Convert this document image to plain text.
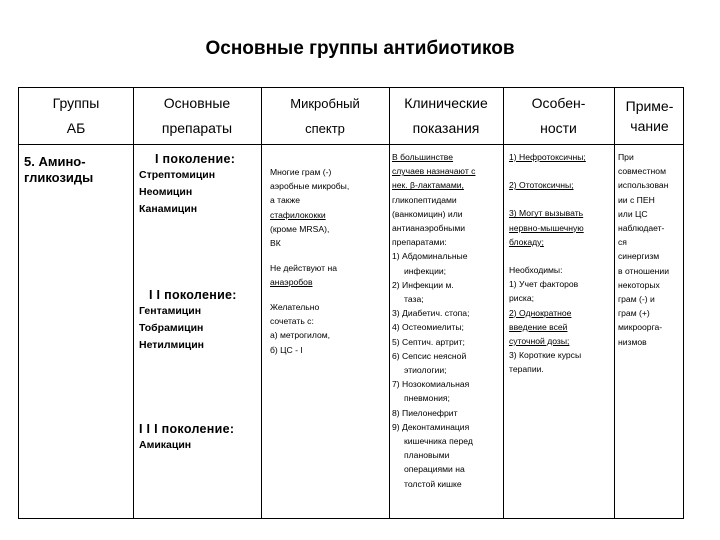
Основные группы антибиотиков
Группы
АБ
Основные
препараты
Микробный
спектр
Клинические
показания
Особен-
ности
Приме-
чание
5. Амино-
гликозиды
I поколение:
Стрептомицин
Неомицин
Канамицин
I I поколение:
Гентамицин
Тобрамицин
Нетилмицин
I I I поколение:
Амикацин
Многие грам (-)
аэробные микробы,
а также
стафилококки
(кроме MRSA),
ВК
Не действуют на
анаэробов
Желательно
сочетать с:
а) метрогилом,
б) ЦС - I
В большинстве
случаев назначают с
нек. β-лактамами,
гликопептидами
(ванкомицин) или
антианаэробными
препаратами:
1) Абдоминальные
инфекции;
2) Инфекции м.
таза;
3) Диабетич. стопа;
4) Остеомиелиты;
5) Септич. артрит;
6) Сепсис неясной
этиологии;
7) Нозокомиальная
пневмония;
8) Пиелонефрит
9) Деконтаминация
кишечника перед
плановыми
операциями на
толстой кишке
1) Нефротоксичны;
2) Ототоксичны;
3) Могут вызывать
нервно-мышечную
блокаду;
Необходимы:
1) Учет факторов
риска;
2) Однократное
введение всей
суточной дозы;
3) Короткие курсы
терапии.
При
совместном
использован
ии с ПЕН
или ЦС
наблюдает-
ся
синергизм
в отношении
некоторых
грам (-) и
грам (+)
микроорга-
низмов
